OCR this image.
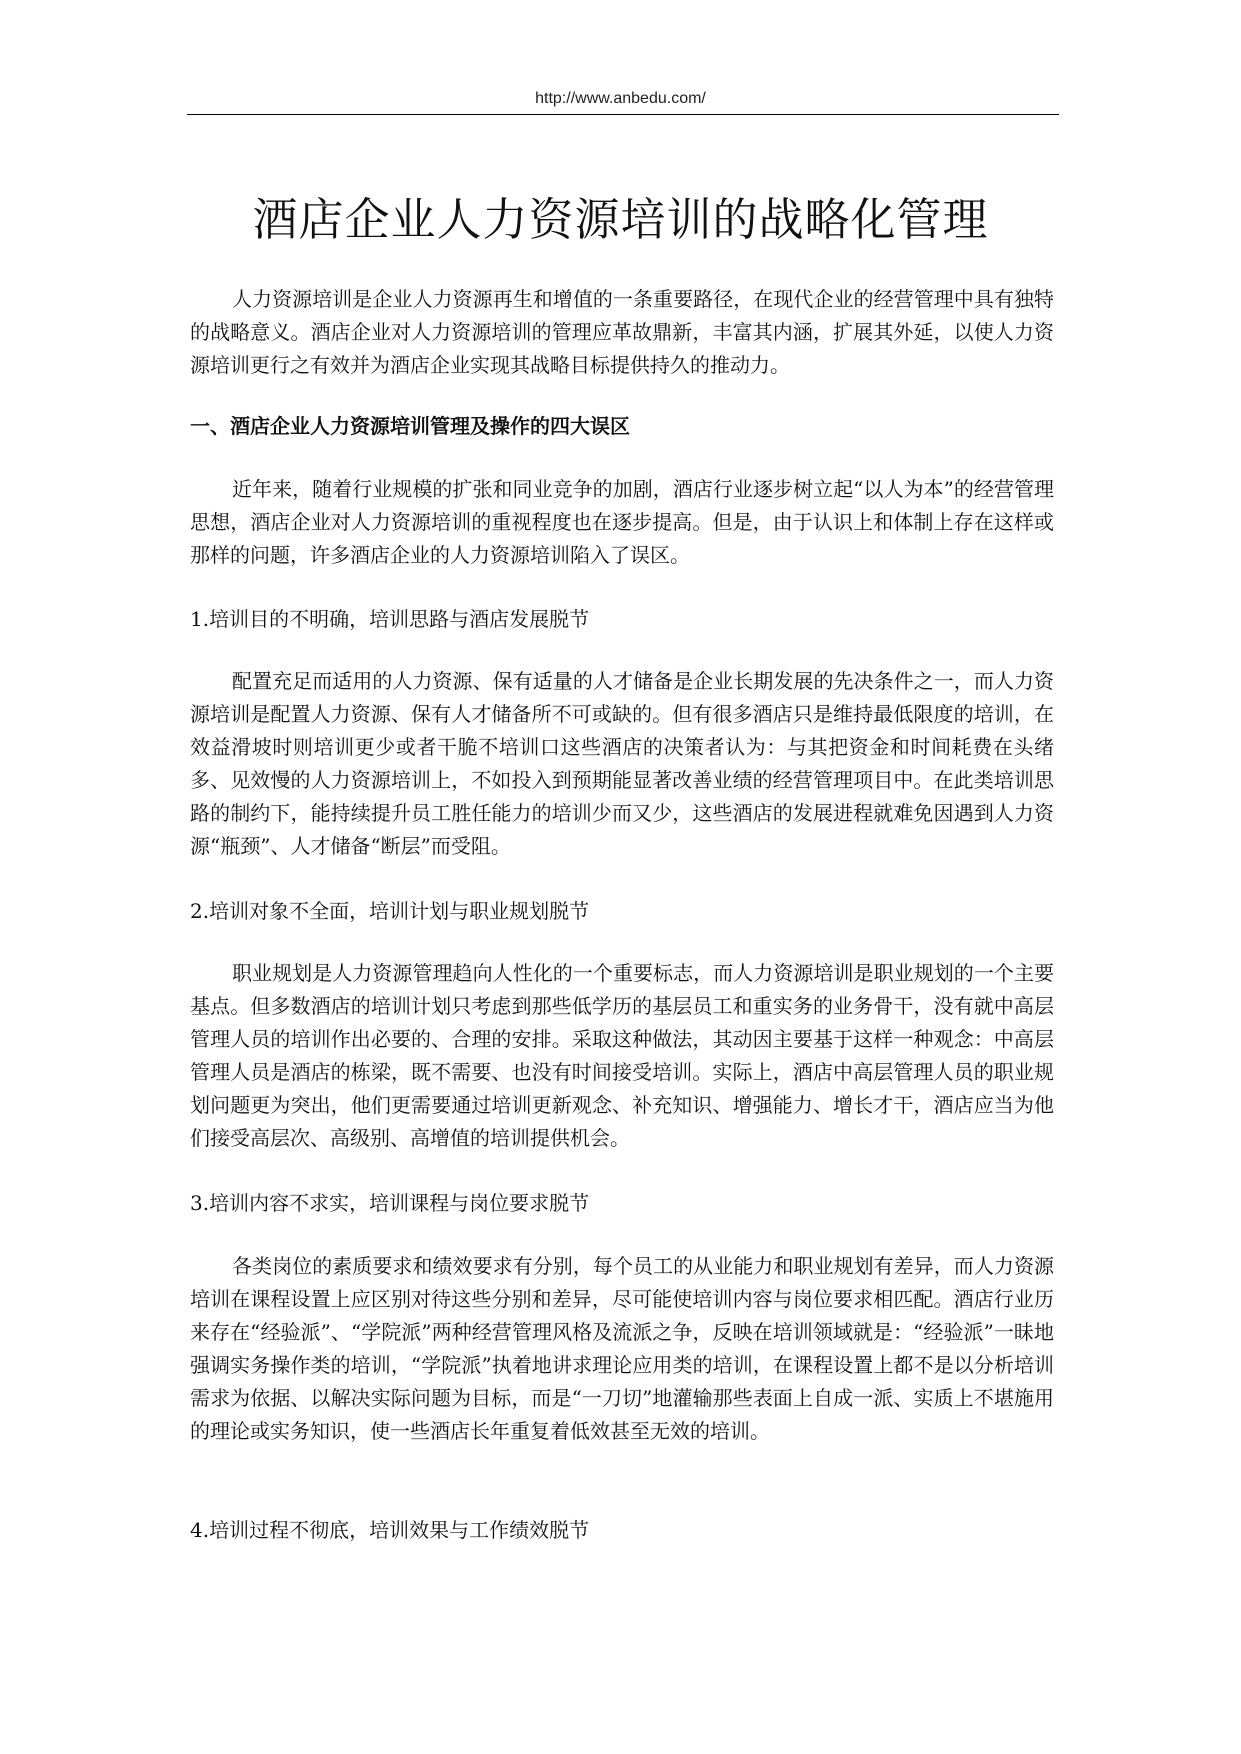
http://www.anbedu.com/
酒店企业人力资源培训的战略化管理

人力资源培训是企业人力资源再生和增值的一条重要路径，在现代企业的经营管理中具有独特的战略意义。酒店企业对人力资源培训的管理应革故鼎新，丰富其内涵，扩展其外延，以使人力资源培训更行之有效并为酒店企业实现其战略目标提供持久的推动力。

一、酒店企业人力资源培训管理及操作的四大误区

近年来，随着行业规模的扩张和同业竞争的加剧，酒店行业逐步树立起“以人为本”的经营管理思想，酒店企业对人力资源培训的重视程度也在逐步提高。但是，由于认识上和体制上存在这样或那样的问题，许多酒店企业的人力资源培训陷入了误区。

1.培训目的不明确，培训思路与酒店发展脱节

配置充足而适用的人力资源、保有适量的人才储备是企业长期发展的先决条件之一，而人力资源培训是配置人力资源、保有人才储备所不可或缺的。但有很多酒店只是维持最低限度的培训，在效益滑坡时则培训更少或者干脆不培训口这些酒店的决策者认为：与其把资金和时间耗费在头绪多、见效慢的人力资源培训上，不如投入到预期能显著改善业绩的经营管理项目中。在此类培训思路的制约下，能持续提升员工胜任能力的培训少而又少，这些酒店的发展进程就难免因遇到人力资源“瓶颈”、人才储备“断层”而受阻。

2.培训对象不全面，培训计划与职业规划脱节

职业规划是人力资源管理趋向人性化的一个重要标志，而人力资源培训是职业规划的一个主要基点。但多数酒店的培训计划只考虑到那些低学历的基层员工和重实务的业务骨干，没有就中高层管理人员的培训作出必要的、合理的安排。采取这种做法，其动因主要基于这样一种观念：中高层管理人员是酒店的栋梁，既不需要、也没有时间接受培训。实际上，酒店中高层管理人员的职业规划问题更为突出，他们更需要通过培训更新观念、补充知识、增强能力、增长才干，酒店应当为他们接受高层次、高级别、高增值的培训提供机会。

3.培训内容不求实，培训课程与岗位要求脱节

各类岗位的素质要求和绩效要求有分别，每个员工的从业能力和职业规划有差异，而人力资源培训在课程设置上应区别对待这些分别和差异，尽可能使培训内容与岗位要求相匹配。酒店行业历来存在“经验派”、“学院派”两种经营管理风格及流派之争，反映在培训领域就是：“经验派”一昧地强调实务操作类的培训，“学院派”执着地讲求理论应用类的培训，在课程设置上都不是以分析培训需求为依据、以解决实际问题为目标，而是“一刀切”地灌输那些表面上自成一派、实质上不堪施用的理论或实务知识，使一些酒店长年重复着低效甚至无效的培训。

4.培训过程不彻底，培训效果与工作绩效脱节
